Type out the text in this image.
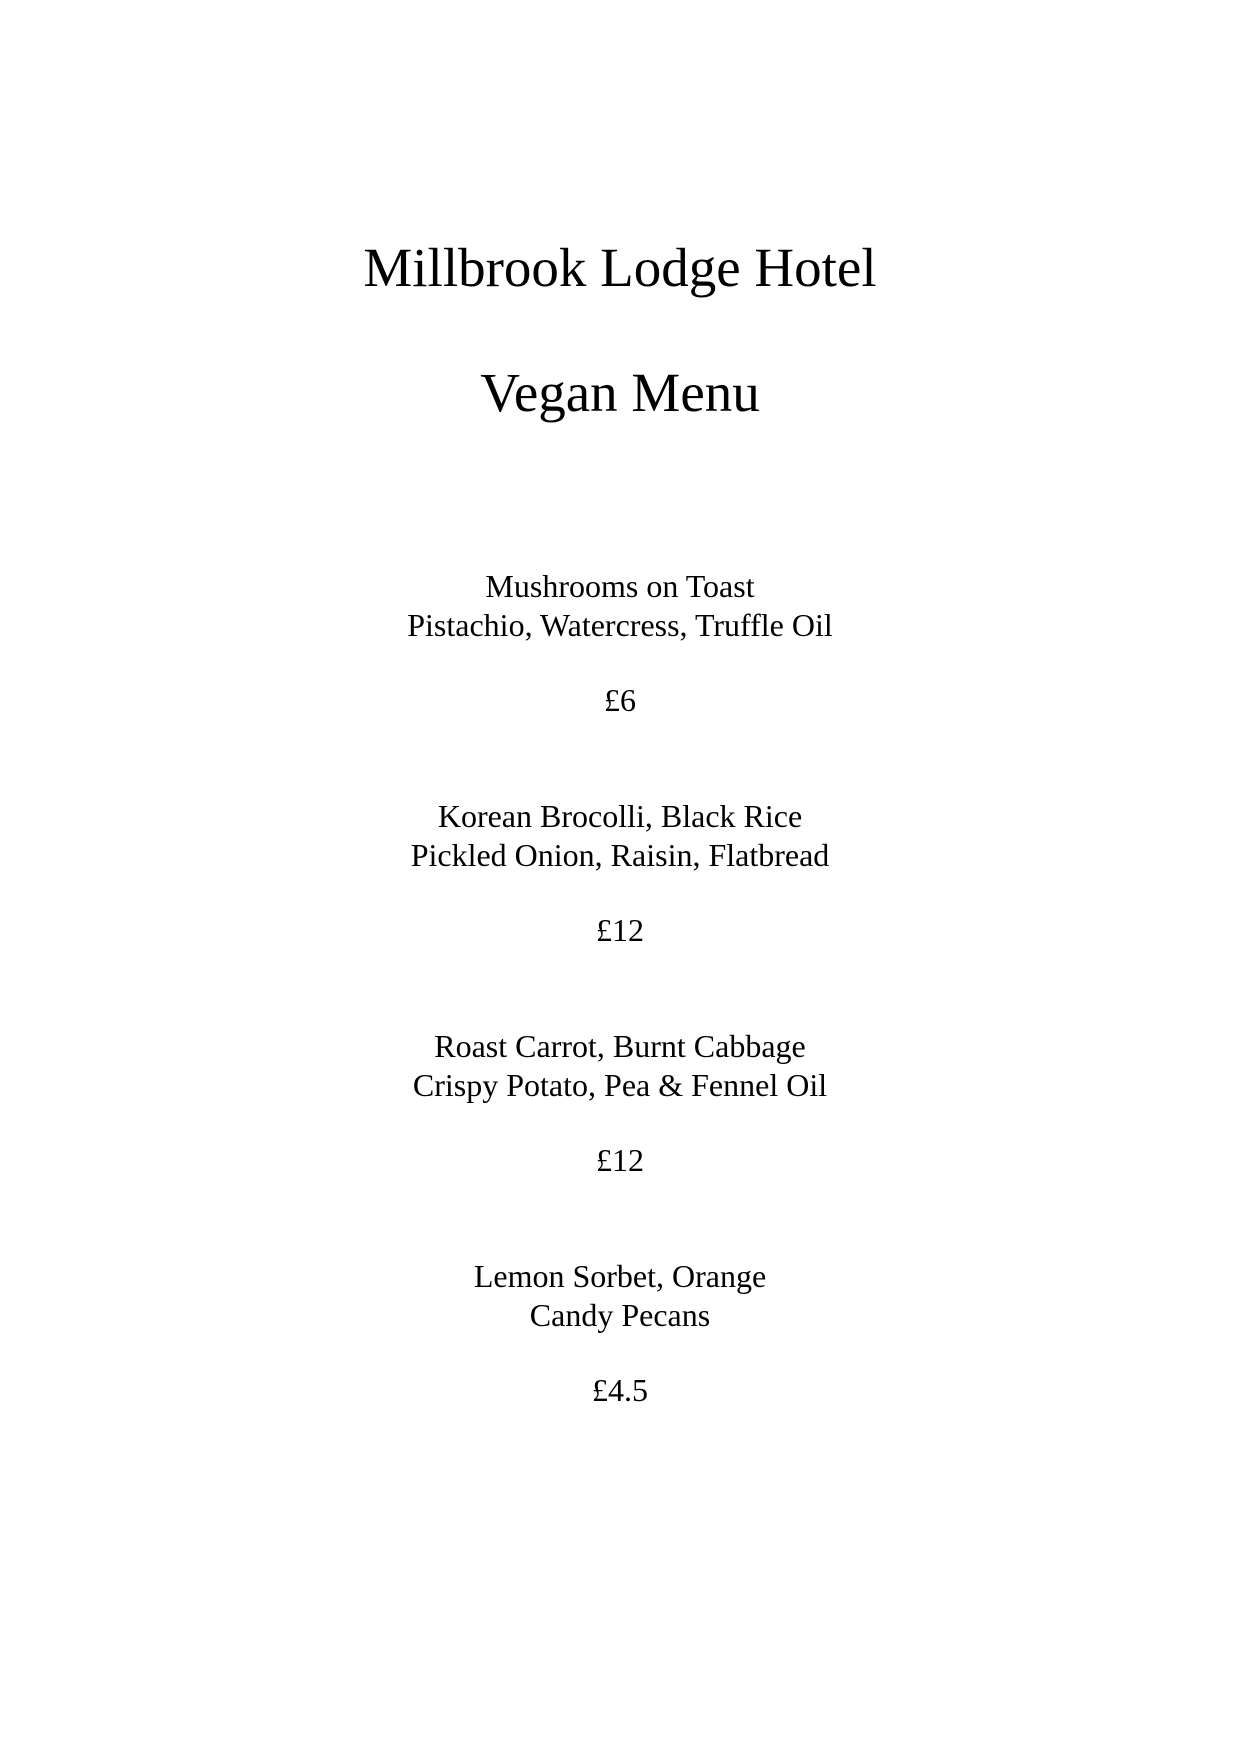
Millbrook Lodge Hotel
Vegan Menu
Mushrooms on Toast
Pistachio, Watercress, Truffle Oil
£6
Korean Brocolli, Black Rice
Pickled Onion, Raisin, Flatbread
£12
Roast Carrot, Burnt Cabbage
Crispy Potato, Pea & Fennel Oil
£12
Lemon Sorbet, Orange
Candy Pecans
£4.5
